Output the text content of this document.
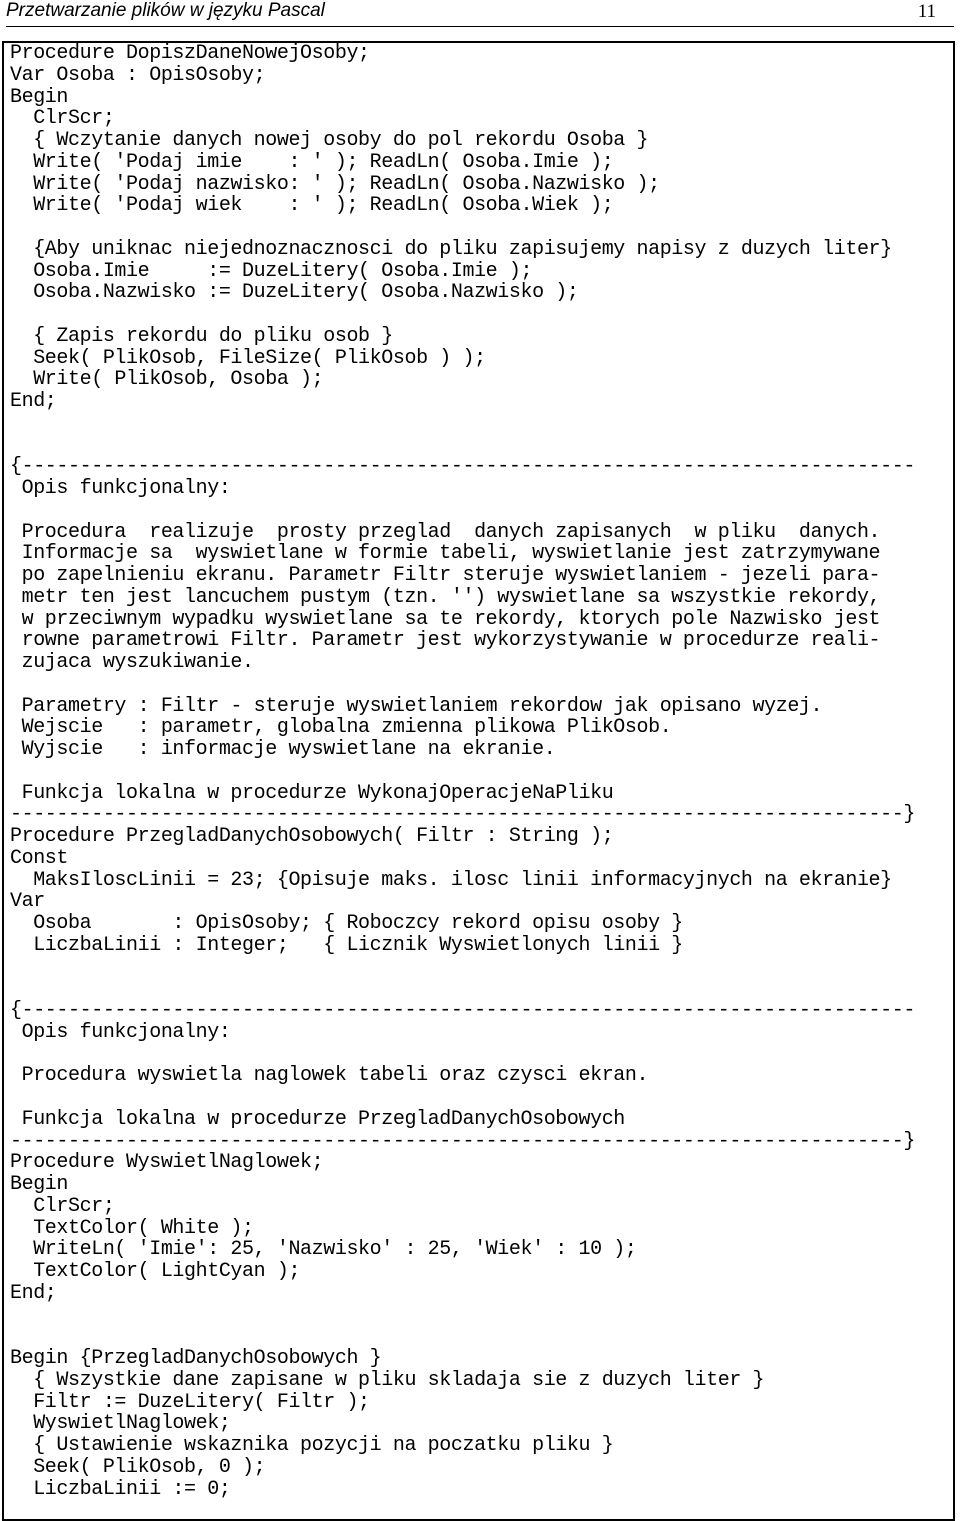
Przetwarzanie plików w języku Pascal	11
Procedure DopiszDaneNowejOsoby;
Var Osoba : OpisOsoby;
Begin
ClrScr;
{ Wczytanie danych nowej osoby do pol rekordu Osoba }
Write( 'Podaj imie    : ' ); ReadLn( Osoba.Imie );
Write( 'Podaj nazwisko: ' ); ReadLn( Osoba.Nazwisko );
Write( 'Podaj wiek    : ' ); ReadLn( Osoba.Wiek );
{Aby uniknac niejednoznacznosci do pliku zapisujemy napisy z duzych liter}
Osoba.Imie     := DuzeLitery( Osoba.Imie );
Osoba.Nazwisko := DuzeLitery( Osoba.Nazwisko );
{ Zapis rekordu do pliku osob }
Seek( PlikOsob, FileSize( PlikOsob ) );
Write( PlikOsob, Osoba );
End;
{-----------------------------------------------------------------------------
Opis funkcjonalny:
Procedura  realizuje  prosty przeglad  danych zapisanych  w pliku  danych.
Informacje sa  wyswietlane w formie tabeli, wyswietlanie jest zatrzymywane
po zapelnieniu ekranu. Parametr Filtr steruje wyswietlaniem - jezeli para-
metr ten jest lancuchem pustym (tzn. '') wyswietlane sa wszystkie rekordy,
w przeciwnym wypadku wyswietlane sa te rekordy, ktorych pole Nazwisko jest
rowne parametrowi Filtr. Parametr jest wykorzystywanie w procedurze reali-
zujaca wyszukiwanie.
Parametry : Filtr - steruje wyswietlaniem rekordow jak opisano wyzej.
Wejscie   : parametr, globalna zmienna plikowa PlikOsob.
Wyjscie   : informacje wyswietlane na ekranie.
Funkcja lokalna w procedurze WykonajOperacjeNaPliku
-----------------------------------------------------------------------------}
Procedure PrzegladDanychOsobowych( Filtr : String );
Const
MaksIloscLinii = 23; {Opisuje maks. ilosc linii informacyjnych na ekranie}
Var
Osoba       : OpisOsoby; { Roboczcy rekord opisu osoby }
LiczbaLinii : Integer;   { Licznik Wyswietlonych linii }
{-----------------------------------------------------------------------------
Opis funkcjonalny:
Procedura wyswietla naglowek tabeli oraz czysci ekran.
Funkcja lokalna w procedurze PrzegladDanychOsobowych
-----------------------------------------------------------------------------}
Procedure WyswietlNaglowek;
Begin
ClrScr;
TextColor( White );
WriteLn( 'Imie': 25, 'Nazwisko' : 25, 'Wiek' : 10 );
TextColor( LightCyan );
End;
Begin {PrzegladDanychOsobowych }
{ Wszystkie dane zapisane w pliku skladaja sie z duzych liter }
Filtr := DuzeLitery( Filtr );
WyswietlNaglowek;
{ Ustawienie wskaznika pozycji na poczatku pliku }
Seek( PlikOsob, 0 );
LiczbaLinii := 0;
